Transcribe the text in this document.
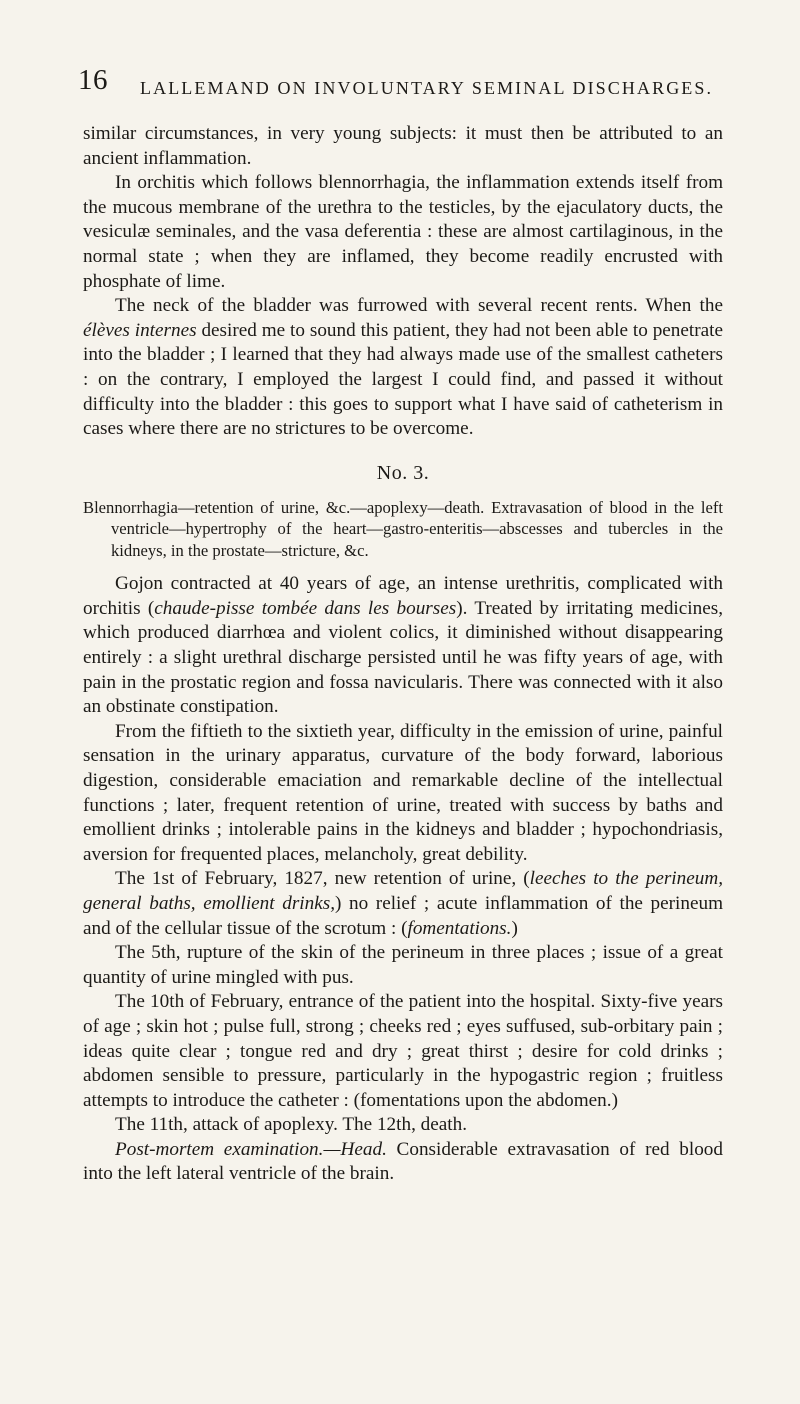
16 LALLEMAND ON INVOLUNTARY SEMINAL DISCHARGES.

similar circumstances, in very young subjects: it must then be attributed to an ancient inflammation.

In orchitis which follows blennorrhagia, the inflammation extends itself from the mucous membrane of the urethra to the testicles, by the ejaculatory ducts, the vesiculæ seminales, and the vasa deferentia : these are almost cartilaginous, in the normal state ; when they are inflamed, they become readily encrusted with phosphate of lime.

The neck of the bladder was furrowed with several recent rents. When the élèves internes desired me to sound this patient, they had not been able to penetrate into the bladder ; I learned that they had always made use of the smallest catheters : on the contrary, I employed the largest I could find, and passed it without difficulty into the bladder : this goes to support what I have said of catheterism in cases where there are no strictures to be overcome.

No. 3.
Blennorrhagia—retention of urine, &c.—apoplexy—death. Extravasation of blood in the left ventricle—hypertrophy of the heart—gastro-enteritis—abscesses and tubercles in the kidneys, in the prostate—stricture, &c.

Gojon contracted at 40 years of age, an intense urethritis, complicated with orchitis (chaude-pisse tombée dans les bourses). Treated by irritating medicines, which produced diarrhœa and violent colics, it diminished without disappearing entirely : a slight urethral discharge persisted until he was fifty years of age, with pain in the prostatic region and fossa navicularis. There was connected with it also an obstinate constipation.

From the fiftieth to the sixtieth year, difficulty in the emission of urine, painful sensation in the urinary apparatus, curvature of the body forward, laborious digestion, considerable emaciation and remarkable decline of the intellectual functions ; later, frequent retention of urine, treated with success by baths and emollient drinks ; intolerable pains in the kidneys and bladder ; hypochondriasis, aversion for frequented places, melancholy, great debility.

The 1st of February, 1827, new retention of urine, (leeches to the perineum, general baths, emollient drinks,) no relief ; acute inflammation of the perineum and of the cellular tissue of the scrotum : (fomentations.)

The 5th, rupture of the skin of the perineum in three places ; issue of a great quantity of urine mingled with pus.

The 10th of February, entrance of the patient into the hospital. Sixty-five years of age ; skin hot ; pulse full, strong ; cheeks red ; eyes suffused, sub-orbitary pain ; ideas quite clear ; tongue red and dry ; great thirst ; desire for cold drinks ; abdomen sensible to pressure, particularly in the hypogastric region ; fruitless attempts to introduce the catheter : (fomentations upon the abdomen.)

The 11th, attack of apoplexy. The 12th, death.

Post-mortem examination.—Head. Considerable extravasation of red blood into the left lateral ventricle of the brain.
